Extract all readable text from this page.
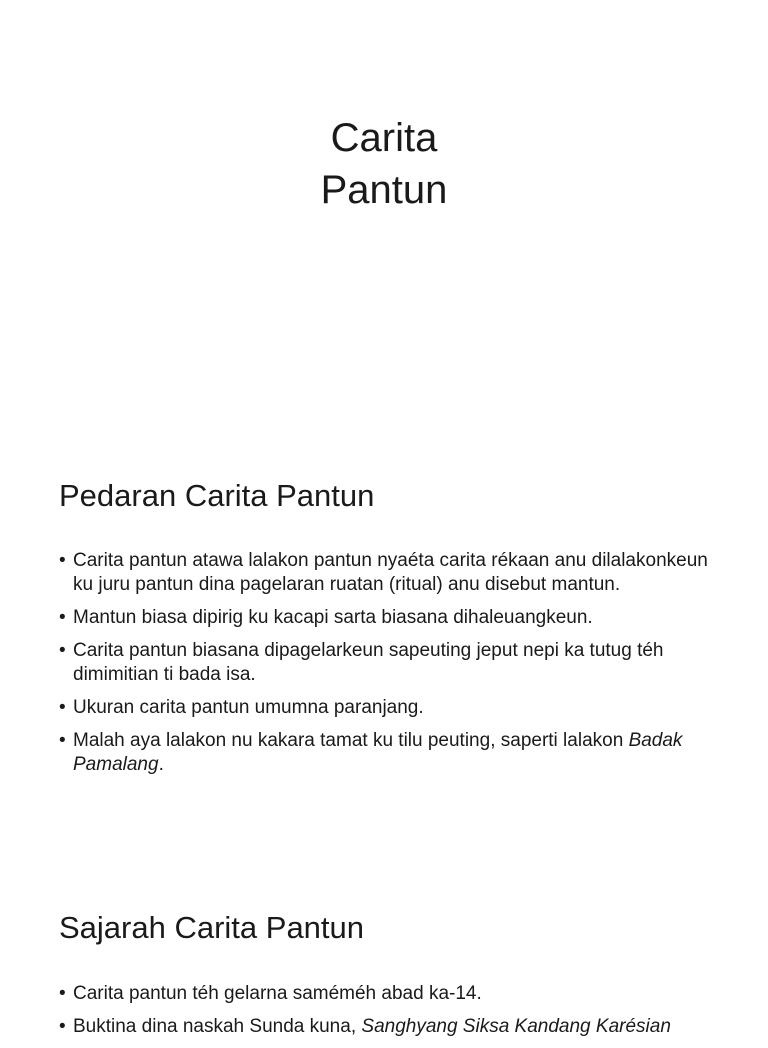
Carita
Pantun
Pedaran Carita Pantun
• Carita pantun atawa lalakon pantun nyaéta carita rékaan anu dilalakonkeun ku juru pantun dina pagelaran ruatan (ritual) anu disebut mantun.
• Mantun biasa dipirig ku kacapi sarta biasana dihaleuangkeun.
• Carita pantun biasana dipagelarkeun sapeuting jeput nepi ka tutug téh dimimitian ti bada isa.
• Ukuran carita pantun umumna paranjang.
• Malah aya lalakon nu kakara tamat ku tilu peuting, saperti lalakon Badak Pamalang.
Sajarah Carita Pantun
• Carita pantun téh gelarna saméméh abad ka-14.
• Buktina dina naskah Sunda kuna, Sanghyang Siksa Kandang Karésian
